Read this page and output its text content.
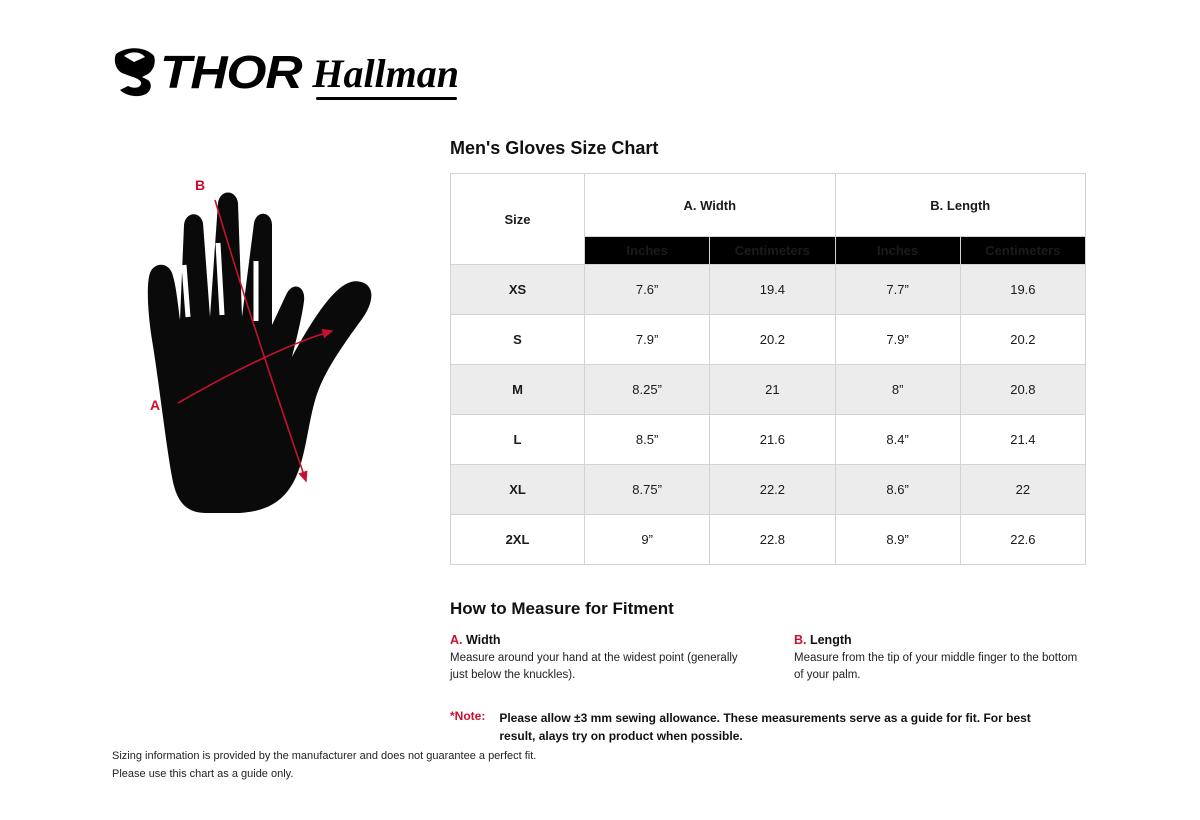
THOR Hallman
B
A
Men's Gloves Size Chart
Size	A. Width		B. Length	
	Inches	Centimeters	Inches	Centimeters
XS	7.6”	19.4	7.7”	19.6
S	7.9”	20.2	7.9”	20.2
M	8.25”	21	8”	20.8
L	8.5”	21.6	8.4”	21.4
XL	8.75”	22.2	8.6”	22
2XL	9”	22.8	8.9”	22.6
How to Measure for Fitment
A. Width
Measure around your hand at the widest point (generally just below the knuckles).
B. Length
Measure from the tip of your middle finger to the bottom of your palm.
*Note: Please allow ±3 mm sewing allowance. These measurements serve as a guide for fit. For best result, alays try on product when possible.
Sizing information is provided by the manufacturer and does not guarantee a perfect fit.
Please use this chart as a guide only.
